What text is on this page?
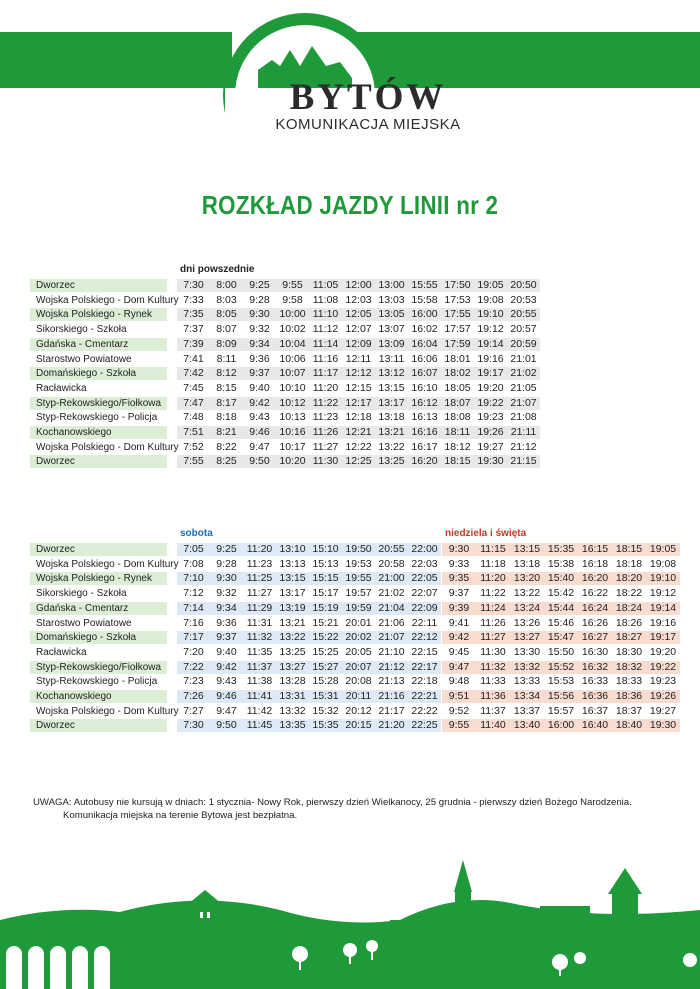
BYTÓW
KOMUNIKACJA MIEJSKA
ROZKŁAD JAZDY LINII nr 2
dni powszednie
Dworzec	7:30	8:00	9:25	9:55 11:05 12:00 13:00 15:55 17:50 19:05 20:50
Wojska Polskiego - Dom Kultury 7:33	8:03	9:28	9:58 11:08 12:03 13:03 15:58 17:53 19:08 20:53
Wojska Polskiego - Rynek	7:35	8:05	9:30 10:00 11:10 12:05 13:05 16:00 17:55 19:10 20:55
Sikorskiego - Szkoła	7:37	8:07	9:32 10:02 11:12 12:07 13:07 16:02 17:57 19:12 20:57
Gdańska - Cmentarz	7:39	8:09	9:34 10:04 11:14 12:09 13:09 16:04 17:59 19:14 20:59
Starostwo Powiatowe	7:41	8:11	9:36 10:06 11:16 12:11 13:11 16:06 18:01 19:16 21:01
Domańskiego - Szkoła	7:42	8:12	9:37 10:07 11:17 12:12 13:12 16:07 18:02 19:17 21:02
Racławicka	7:45	8:15	9:40 10:10 11:20 12:15 13:15 16:10 18:05 19:20 21:05
Styp-Rekowskiego/Fiołkowa	7:47	8:17	9:42 10:12 11:22 12:17 13:17 16:12 18:07 19:22 21:07
Styp-Rekowskiego - Policja	7:48	8:18	9:43 10:13 11:23 12:18 13:18 16:13 18:08 19:23 21:08
Kochanowskiego	7:51	8:21	9:46 10:16 11:26 12:21 13:21 16:16 18:11 19:26 21:11
Wojska Polskiego - Dom Kultury 7:52	8:22	9:47 10:17 11:27 12:22 13:22 16:17 18:12 19:27 21:12
Dworzec	7:55	8:25	9:50 10:20 11:30 12:25 13:25 16:20 18:15 19:30 21:15
sobota	niedziela i święta
Dworzec	7:05	9:25 11:20 13:10 15:10 19:50 20:55 22:00	9:30	11:15 13:15 15:35 16:15 18:15 19:05
Wojska Polskiego - Dom Kultury 7:08	9:28 11:23 13:13 15:13 19:53 20:58 22:03	9:33	11:18 13:18 15:38 16:18 18:18 19:08
Wojska Polskiego - Rynek	7:10	9:30 11:25 13:15 15:15 19:55 21:00 22:05	9:35	11:20 13:20 15:40 16:20 18:20 19:10
Sikorskiego - Szkoła	7:12	9:32 11:27 13:17 15:17 19:57 21:02 22:07	9:37	11:22 13:22 15:42 16:22 18:22 19:12
Gdańska - Cmentarz	7:14	9:34 11:29 13:19 15:19 19:59 21:04 22:09	9:39	11:24 13:24 15:44 16:24 18:24 19:14
Starostwo Powiatowe	7:16	9:36 11:31 13:21 15:21 20:01 21:06 22:11	9:41	11:26 13:26 15:46 16:26 18:26 19:16
Domańskiego - Szkoła	7:17	9:37 11:32 13:22 15:22 20:02 21:07 22:12	9:42	11:27 13:27 15:47 16:27 18:27 19:17
Racławicka	7:20	9:40 11:35 13:25 15:25 20:05 21:10 22:15	9:45	11:30 13:30 15:50 16:30 18:30 19:20
Styp-Rekowskiego/Fiołkowa	7:22	9:42 11:37 13:27 15:27 20:07 21:12 22:17	9:47	11:32 13:32 15:52 16:32 18:32 19:22
Styp-Rekowskiego - Policja	7:23	9:43 11:38 13:28 15:28 20:08 21:13 22:18	9:48	11:33 13:33 15:53 16:33 18:33 19:23
Kochanowskiego	7:26	9:46 11:41 13:31 15:31 20:11 21:16 22:21	9:51	11:36 13:34 15:56 16:36 18:36 19:26
Wojska Polskiego - Dom Kultury 7:27	9:47 11:42 13:32 15:32 20:12 21:17 22:22	9:52	11:37 13:37 15:57 16:37 18:37 19:27
Dworzec	7:30	9:50 11:45 13:35 15:35 20:15 21:20 22:25	9:55	11:40 13:40 16:00 16:40 18:40 19:30
UWAGA: Autobusy nie kursują w dniach: 1 stycznia- Nowy Rok, pierwszy dzień Wielkanocy, 25 grudnia - pierwszy dzień Bożego Narodzenia.
Komunikacja miejska na terenie Bytowa jest bezpłatna.
